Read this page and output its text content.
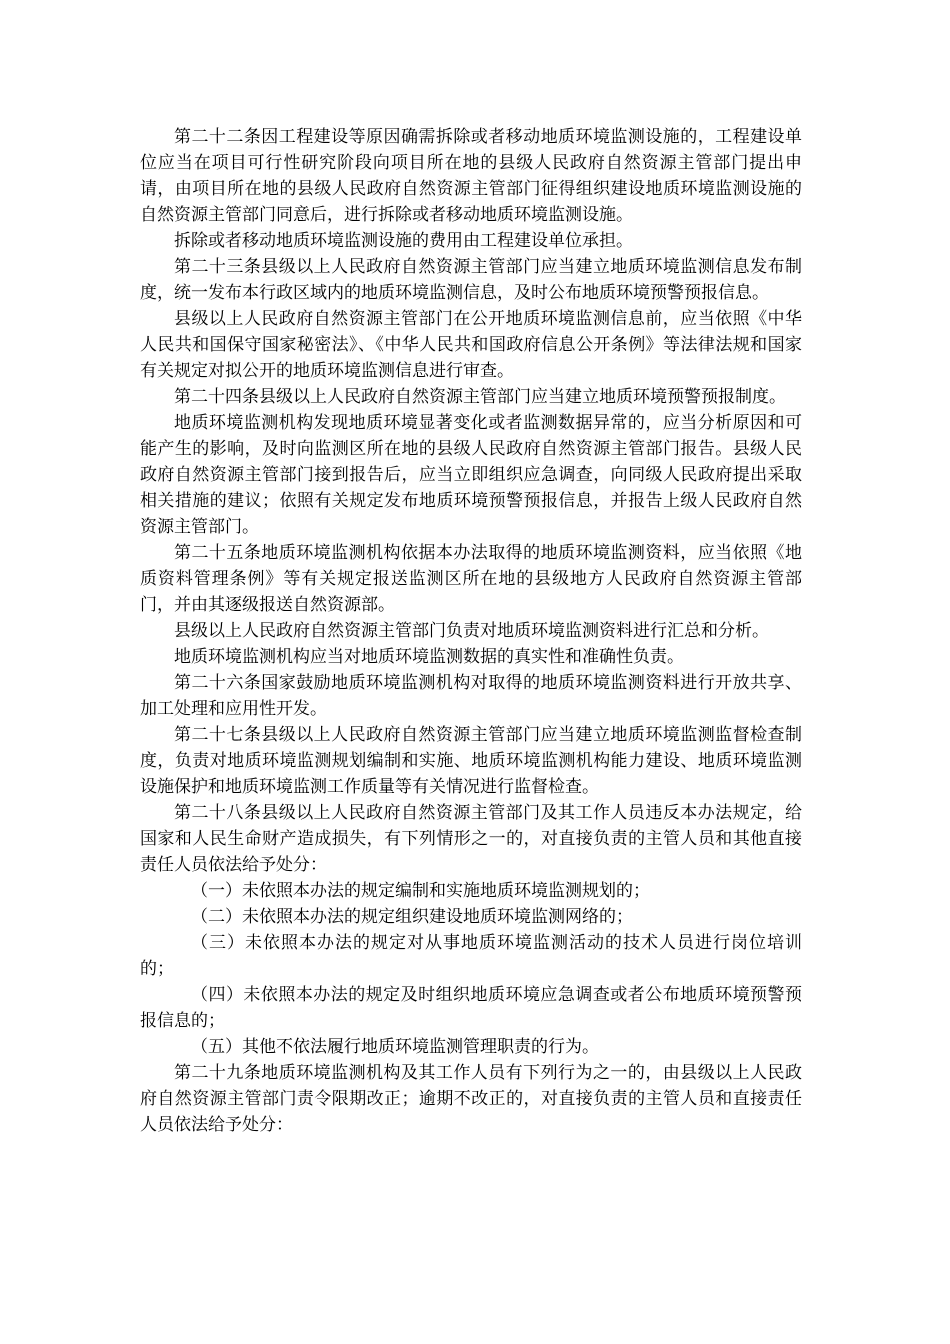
第二十二条因工程建设等原因确需拆除或者移动地质环境监测设施的，工程建设单位应当在项目可行性研究阶段向项目所在地的县级人民政府自然资源主管部门提出申请，由项目所在地的县级人民政府自然资源主管部门征得组织建设地质环境监测设施的自然资源主管部门同意后，进行拆除或者移动地质环境监测设施。

拆除或者移动地质环境监测设施的费用由工程建设单位承担。

第二十三条县级以上人民政府自然资源主管部门应当建立地质环境监测信息发布制度，统一发布本行政区域内的地质环境监测信息，及时公布地质环境预警预报信息。

县级以上人民政府自然资源主管部门在公开地质环境监测信息前，应当依照《中华人民共和国保守国家秘密法》、《中华人民共和国政府信息公开条例》等法律法规和国家有关规定对拟公开的地质环境监测信息进行审查。

第二十四条县级以上人民政府自然资源主管部门应当建立地质环境预警预报制度。

地质环境监测机构发现地质环境显著变化或者监测数据异常的，应当分析原因和可能产生的影响，及时向监测区所在地的县级人民政府自然资源主管部门报告。县级人民政府自然资源主管部门接到报告后，应当立即组织应急调查，向同级人民政府提出采取相关措施的建议；依照有关规定发布地质环境预警预报信息，并报告上级人民政府自然资源主管部门。

第二十五条地质环境监测机构依据本办法取得的地质环境监测资料，应当依照《地质资料管理条例》等有关规定报送监测区所在地的县级地方人民政府自然资源主管部门，并由其逐级报送自然资源部。

县级以上人民政府自然资源主管部门负责对地质环境监测资料进行汇总和分析。

地质环境监测机构应当对地质环境监测数据的真实性和准确性负责。

第二十六条国家鼓励地质环境监测机构对取得的地质环境监测资料进行开放共享、加工处理和应用性开发。

第二十七条县级以上人民政府自然资源主管部门应当建立地质环境监测监督检查制度，负责对地质环境监测规划编制和实施、地质环境监测机构能力建设、地质环境监测设施保护和地质环境监测工作质量等有关情况进行监督检查。

第二十八条县级以上人民政府自然资源主管部门及其工作人员违反本办法规定，给国家和人民生命财产造成损失，有下列情形之一的，对直接负责的主管人员和其他直接责任人员依法给予处分：

（一）未依照本办法的规定编制和实施地质环境监测规划的；

（二）未依照本办法的规定组织建设地质环境监测网络的；

（三）未依照本办法的规定对从事地质环境监测活动的技术人员进行岗位培训的；

（四）未依照本办法的规定及时组织地质环境应急调查或者公布地质环境预警预报信息的；

（五）其他不依法履行地质环境监测管理职责的行为。

第二十九条地质环境监测机构及其工作人员有下列行为之一的，由县级以上人民政府自然资源主管部门责令限期改正；逾期不改正的，对直接负责的主管人员和直接责任人员依法给予处分：
